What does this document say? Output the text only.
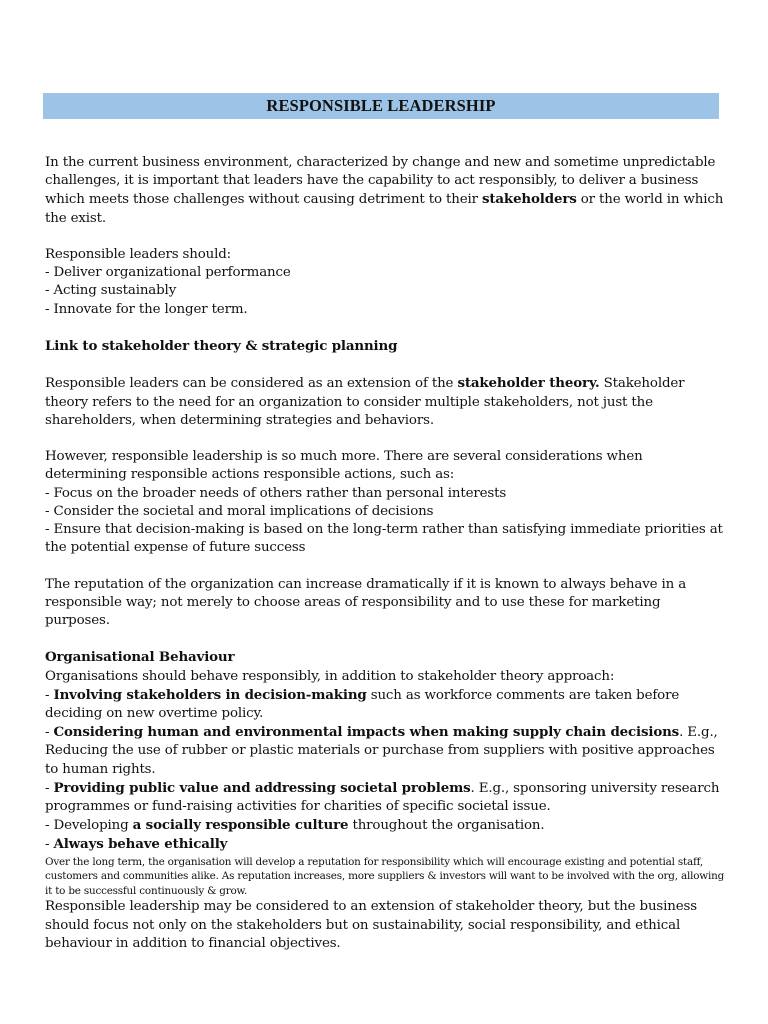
RESPONSIBLE LEADERSHIP

In the current business environment, characterized by change and new and sometime unpredictable challenges, it is important that leaders have the capability to act responsibly, to deliver a business which meets those challenges without causing detriment to their stakeholders or the world in which the exist.

Responsible leaders should:

- Deliver organizational performance

- Acting sustainably

- Innovate for the longer term.

Link to stakeholder theory & strategic planning

Responsible leaders can be considered as an extension of the stakeholder theory. Stakeholder theory refers to the need for an organization to consider multiple stakeholders, not just the shareholders, when determining strategies and behaviors.

However, responsible leadership is so much more. There are several considerations when determining responsible actions responsible actions, such as:

- Focus on the broader needs of others rather than personal interests

- Consider the societal and moral implications of decisions

- Ensure that decision-making is based on the long-term rather than satisfying immediate priorities at the potential expense of future success

The reputation of the organization can increase dramatically if it is known to always behave in a responsible way; not merely to choose areas of responsibility and to use these for marketing purposes.

Organisational Behaviour

Organisations should behave responsibly, in addition to stakeholder theory approach:

- Involving stakeholders in decision-making such as workforce comments are taken before deciding on new overtime policy.

- Considering human and environmental impacts when making supply chain decisions. E.g., Reducing the use of rubber or plastic materials or purchase from suppliers with positive approaches to human rights.

- Providing public value and addressing societal problems. E.g., sponsoring university research programmes or fund-raising activities for charities of specific societal issue.

- Developing a socially responsible culture throughout the organisation.

- Always behave ethically

Over the long term, the organisation will develop a reputation for responsibility which will encourage existing and potential staff, customers and communities alike. As reputation increases, more suppliers & investors will want to be involved with the org, allowing it to be successful continuously & grow.

Responsible leadership may be considered to an extension of stakeholder theory, but the business should focus not only on the stakeholders but on sustainability, social responsibility, and ethical behaviour in addition to financial objectives.
